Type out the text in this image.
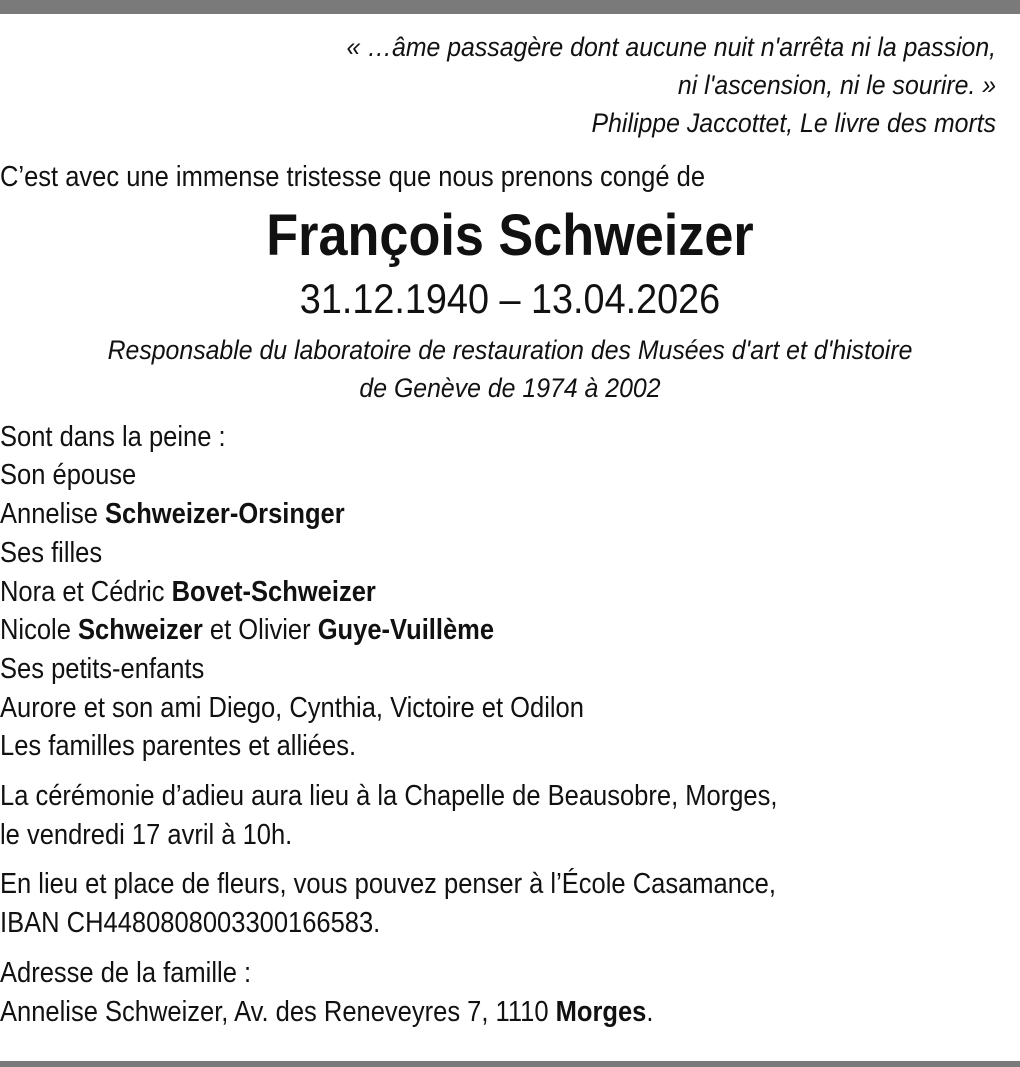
« …âme passagère dont aucune nuit n'arrêta ni la passion,
ni l'ascension, ni le sourire. »
Philippe Jaccottet, Le livre des morts
C’est avec une immense tristesse que nous prenons congé de
François Schweizer
31.12.1940 – 13.04.2026
Responsable du laboratoire de restauration des Musées d'art et d'histoire
de Genève de 1974 à 2002
Sont dans la peine :
Son épouse
Annelise Schweizer-Orsinger
Ses filles
Nora et Cédric Bovet-Schweizer
Nicole Schweizer et Olivier Guye-Vuillème
Ses petits-enfants
Aurore et son ami Diego, Cynthia, Victoire et Odilon
Les familles parentes et alliées.
La cérémonie d’adieu aura lieu à la Chapelle de Beausobre, Morges,
le vendredi 17 avril à 10h.
En lieu et place de fleurs, vous pouvez penser à l’École Casamance,
IBAN CH4480808003300166583.
Adresse de la famille :
Annelise Schweizer, Av. des Reneveyres 7, 1110 Morges.
